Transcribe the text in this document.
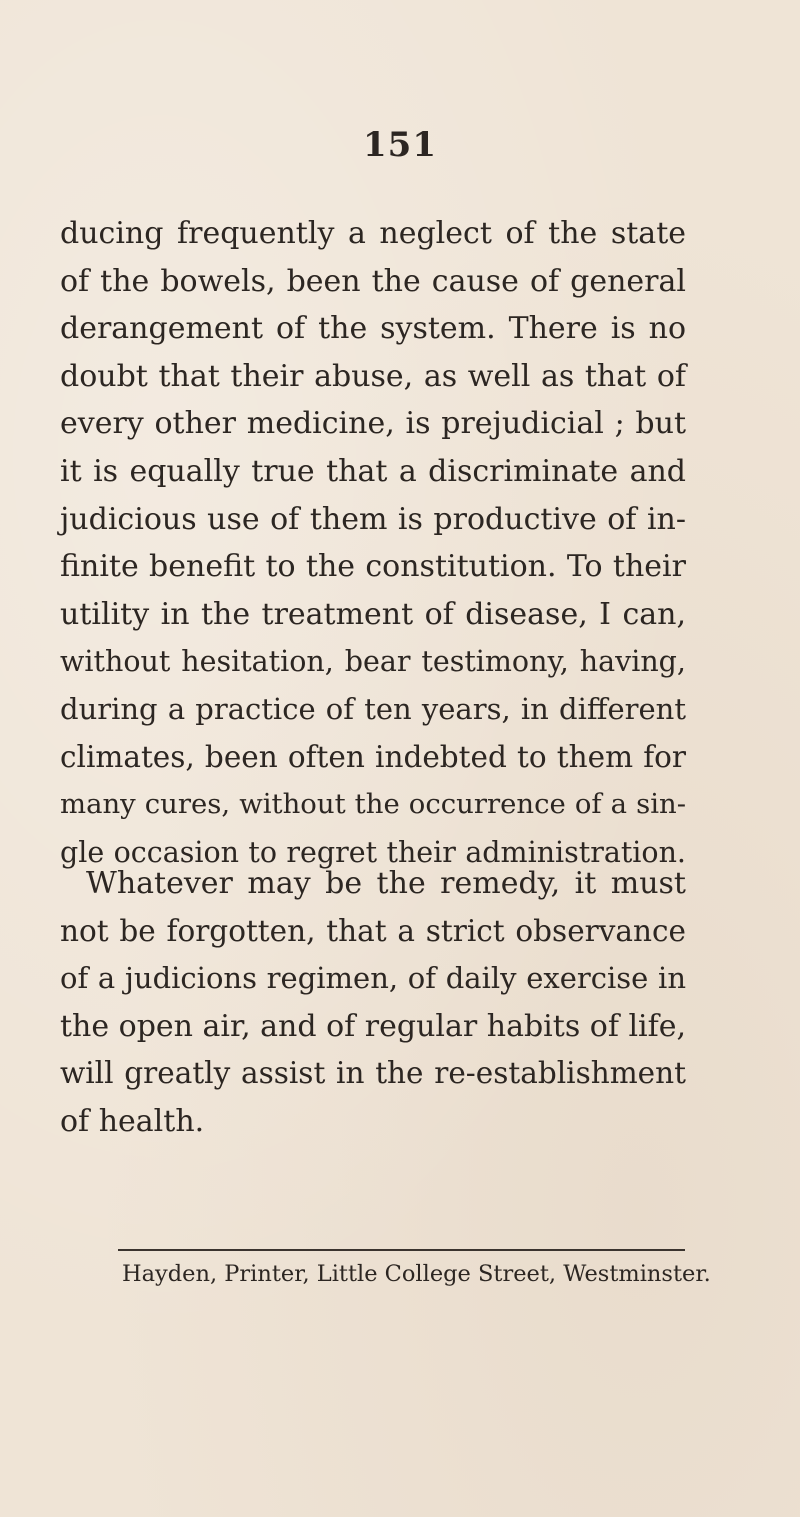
151
ducing frequently a neglect of the state
of the bowels, been the cause of general
derangement of the system. There is no
doubt that their abuse, as well as that of
every other medicine, is prejudicial ; but
it is equally true that a discriminate and
judicious use of them is productive of in-
finite benefit to the constitution. To their
utility in the treatment of disease, I can,
without hesitation, bear testimony, having,
during a practice of ten years, in different
climates, been often indebted to them for
many cures, without the occurrence of a sin-
gle occasion to regret their administration.
Whatever may be the remedy, it must
not be forgotten, that a strict observance
of a judicions regimen, of daily exercise in
the open air, and of regular habits of life,
will greatly assist in the re-establishment
of health.
Hayden, Printer, Little College Street, Westminster.
